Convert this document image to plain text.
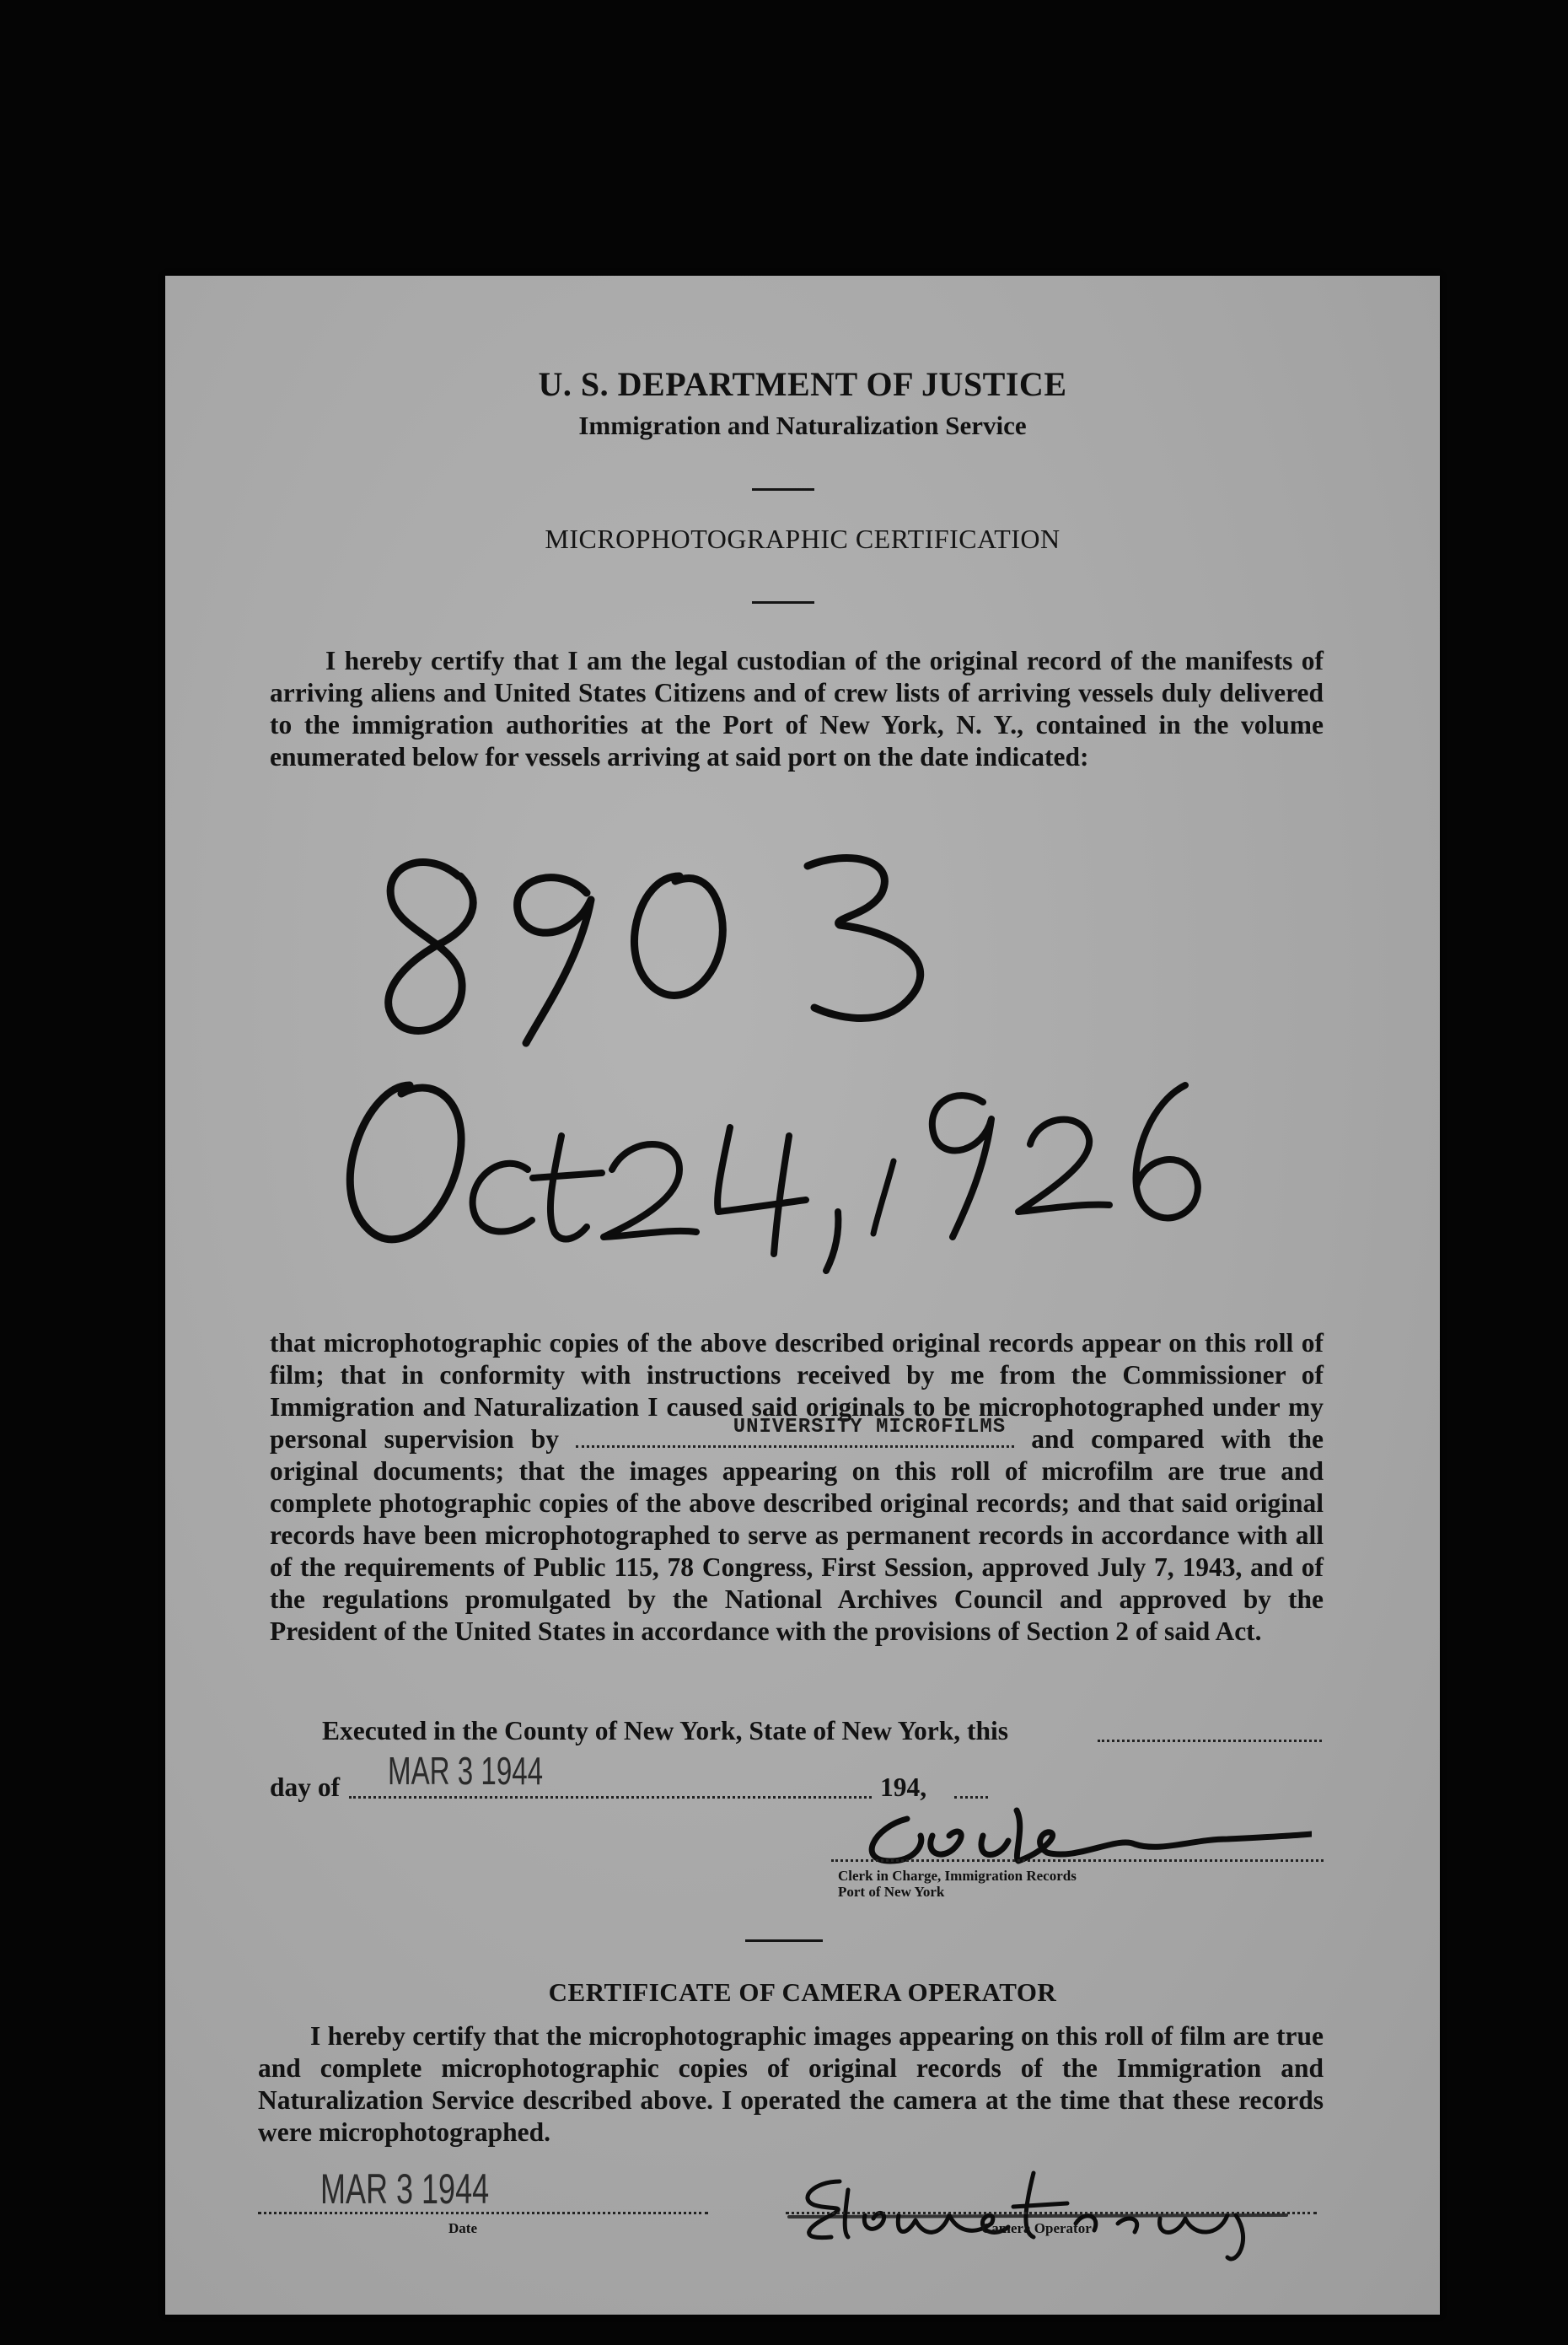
U. S. DEPARTMENT OF JUSTICE
Immigration and Naturalization Service
MICROPHOTOGRAPHIC CERTIFICATION

I hereby certify that I am the legal custodian of the original record of the manifests of arriving aliens and United States Citizens and of crew lists of arriving vessels duly delivered to the immigration authorities at the Port of New York, N. Y., contained in the volume enumerated below for vessels arriving at said port on the date indicated:

that microphotographic copies of the above described original records appear on this roll of film; that in conformity with instructions received by me from the Commissioner of Immigration and Naturalization I caused said originals to be microphotographed under my personal supervision by	UNIVERSITY MICROFILMS and compared with the original documents; that the images appearing on this roll of microfilm are true and complete photographic copies of the above described original records; and that said original records have been microphotographed to serve as permanent records in accordance with all of the requirements of Public 115, 78 Congress, First Session, approved July 7, 1943, and of the regulations promulgated by the National Archives Council and approved by the President of the United States in accordance with the provisions of Section 2 of said Act.

Executed in the County of New York, State of New York, this
day of MAR 3 1944	194,
Clerk in Charge, Immigration Records
Port of New York
CERTIFICATE OF CAMERA OPERATOR

I hereby certify that the microphotographic images appearing on this roll of film are true and complete microphotographic copies of original records of the Immigration and Naturalization Service described above. I operated the camera at the time that these records were microphotographed.

MAR 3 1944
Date	Camera Operator
